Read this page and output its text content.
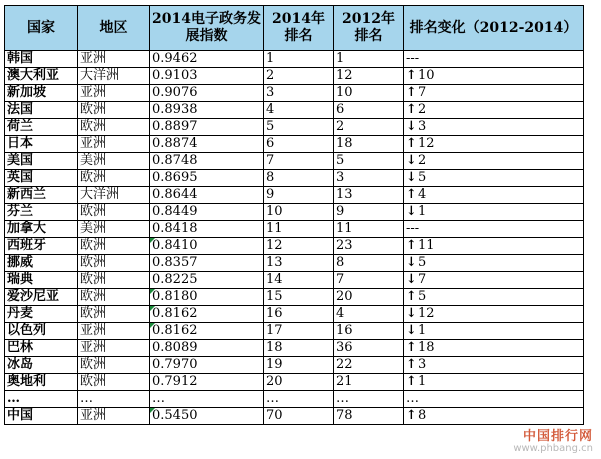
国家	地区	2014电子政务发展指数	2014年排名	2012年排名	排名变化（2012-2014）
韩国	亚洲	0.9462	1	1	---
澳大利亚	大洋洲	0.9103	2	12	↑10
新加坡	亚洲	0.9076	3	10	↑7
法国	欧洲	0.8938	4	6	↑2
荷兰	欧洲	0.8897	5	2	↓3
日本	亚洲	0.8874	6	18	↑12
美国	美洲	0.8748	7	5	↓2
英国	欧洲	0.8695	8	3	↓5
新西兰	大洋洲	0.8644	9	13	↑4
芬兰	欧洲	0.8449	10	9	↓1
加拿大	美洲	0.8418	11	11	---
西班牙	欧洲	0.8410	12	23	↑11
挪威	欧洲	0.8357	13	8	↓5
瑞典	欧洲	0.8225	14	7	↓7
爱沙尼亚	欧洲	0.8180	15	20	↑5
丹麦	欧洲	0.8162	16	4	↓12
以色列	亚洲	0.8162	17	16	↓1
巴林	亚洲	0.8089	18	36	↑18
冰岛	欧洲	0.7970	19	22	↑3
奥地利	欧洲	0.7912	20	21	↑1
…	…	…	…	…	…
中国	亚洲	0.5450	70	78	↑8
中国排行网
www.phbang.cn
